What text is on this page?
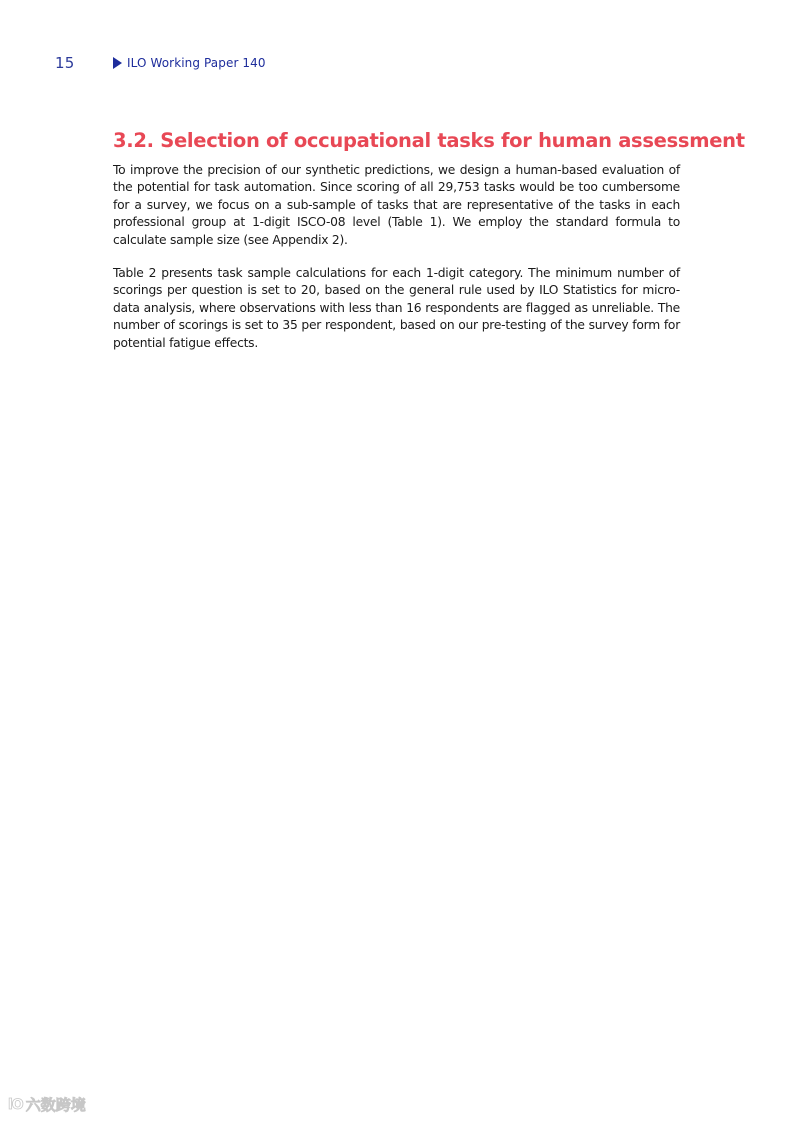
15	ILO Working Paper 140
3.2. Selection of occupational tasks for human assessment

To improve the precision of our synthetic predictions, we design a human-based evaluation of the potential for task automation. Since scoring of all 29,753 tasks would be too cumbersome for a survey, we focus on a sub-sample of tasks that are representative of the tasks in each professional group at 1-digit ISCO-08 level (Table 1). We employ the standard formula to calculate sample size (see Appendix 2).

Table 2 presents task sample calculations for each 1-digit category. The minimum number of scorings per question is set to 20, based on the general rule used by ILO Statistics for micro-data analysis, where observations with less than 16 respondents are flagged as unreliable. The number of scorings is set to 35 per respondent, based on our pre-testing of the survey form for potential fatigue effects.

lO 六数跨境
